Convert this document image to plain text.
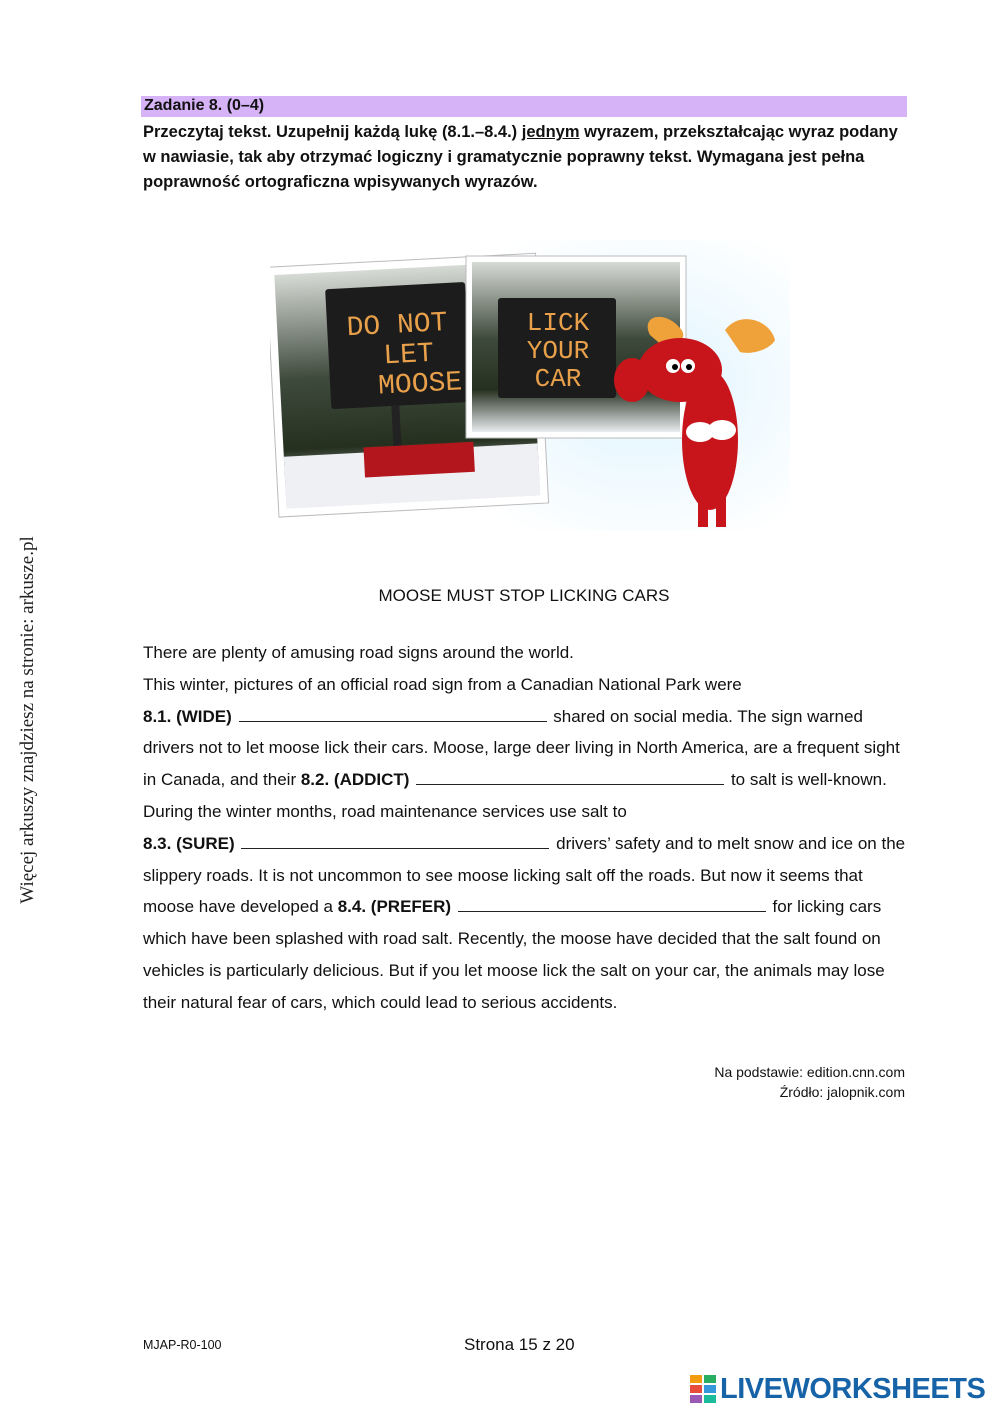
Więcej arkuszy znajdziesz na stronie: arkusze.pl
Zadanie 8. (0–4)
Przeczytaj tekst. Uzupełnij każdą lukę (8.1.–8.4.) jednym wyrazem, przekształcając wyraz podany w nawiasie, tak aby otrzymać logiczny i gramatycznie poprawny tekst. Wymagana jest pełna poprawność ortograficzna wpisywanych wyrazów.
DO NOT
LET
MOOSE
LICK
YOUR
CAR
MOOSE MUST STOP LICKING CARS

There are plenty of amusing road signs around the world.

This winter, pictures of an official road sign from a Canadian National Park were
8.1. (WIDE)	shared on social media. The sign warned drivers not to let moose lick their cars. Moose, large deer living in North America, are a frequent sight in Canada, and their 8.2. (ADDICT)	to salt is well-known. During the winter months, road maintenance services use salt to
8.3. (SURE)	drivers’ safety and to melt snow and ice on the slippery roads. It is not uncommon to see moose licking salt off the roads. But now it seems that moose have developed a 8.4. (PREFER)	for licking cars which have been splashed with road salt. Recently, the moose have decided that the salt found on vehicles is particularly delicious. But if you let moose lick the salt on your car, the animals may lose their natural fear of cars, which could lead to serious accidents.

Na podstawie: edition.cnn.com
Źródło: jalopnik.com
MJAP-R0-100	Strona 15 z 20
LIVEWORKSHEETS
